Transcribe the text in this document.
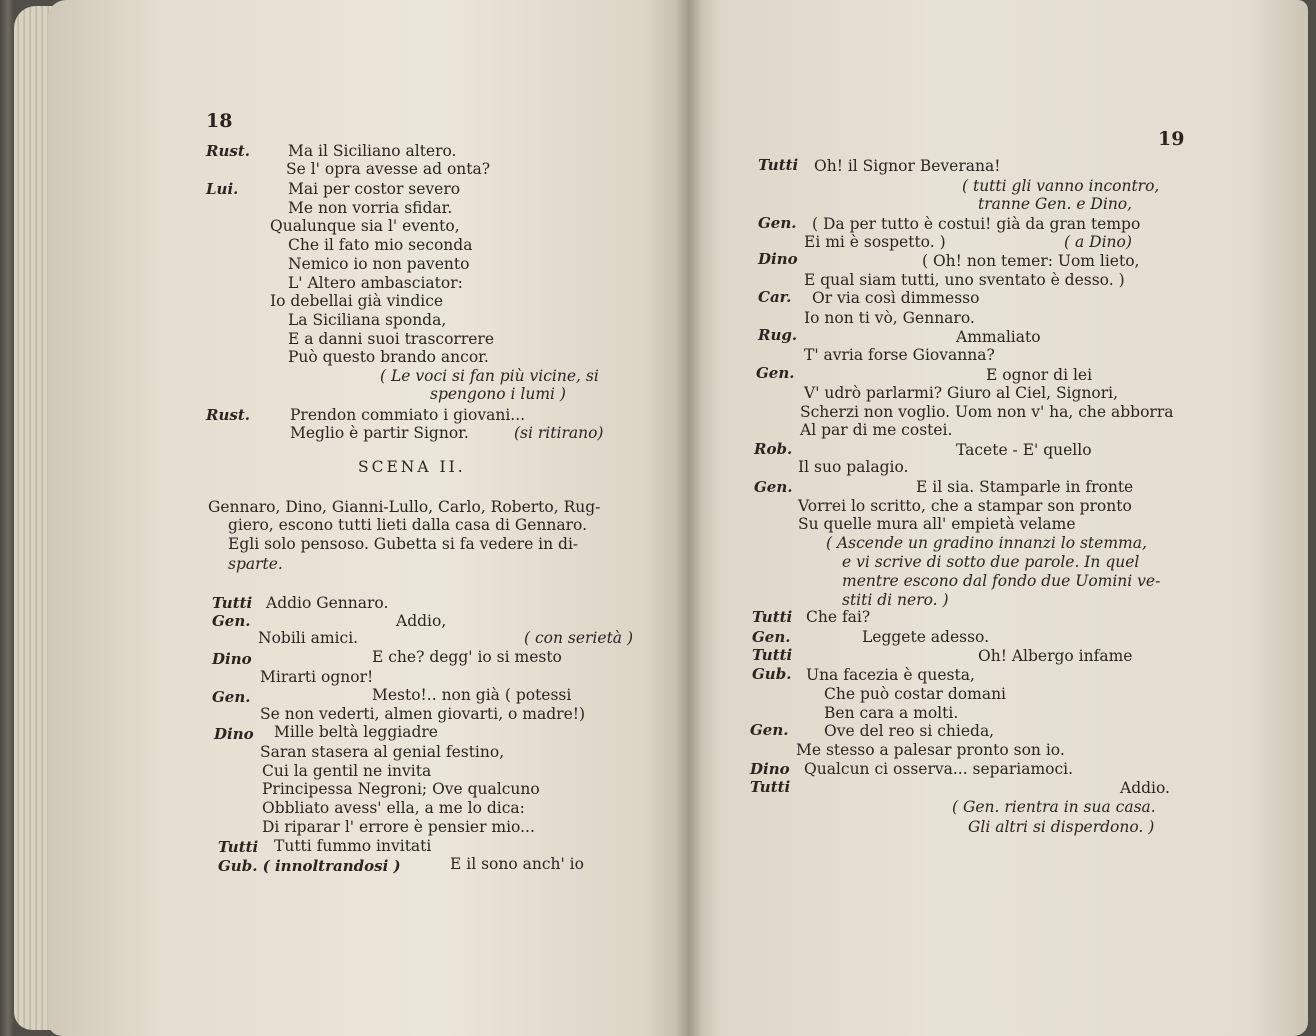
18
19
SCENA II.
Rust. Ma il Siciliano altero.
Se l' opra avesse ad onta?
Lui.	Mai per costor severo
Me non vorria sfidar.
Qualunque sia l' evento,
Che il fato mio seconda
Nemico io non pavento
L' Altero ambasciator:
Io debellai già vindice
La Siciliana sponda,
E a danni suoi trascorrere
Può questo brando ancor.
( Le voci si fan più vicine, si
spengono i lumi )
Rust.	Prendon commiato i giovani...
Meglio è partir Signor.	(si ritirano)
Gennaro, Dino, Gianni-Lullo, Carlo, Roberto, Rug-
giero, escono tutti lieti dalla casa di Gennaro.
Egli solo pensoso. Gubetta si fa vedere in di-
sparte.
Tutti Addio Gennaro.
Gen.	Addio,
Nobili amici.	( con serietà )
Dino	E che? degg' io si mesto
Mirarti ognor!
Gen.	Mesto!.. non già ( potessi
Se non vederti, almen giovarti, o madre!)
Dino Mille beltà leggiadre
Saran stasera al genial festino,
Cui la gentil ne invita
Principessa Negroni; Ove qualcuno
Obbliato avess' ella, a me lo dica:
Di riparar l' errore è pensier mio...
Tutti Tutti fummo invitati
Gub. ( innoltrandosi )	E il sono anch' io
Tutti Oh! il Signor Beverana!
( tutti gli vanno incontro,
tranne Gen. e Dino,
Gen. ( Da per tutto è costui! già da gran tempo
Ei mi è sospetto. )	( a Dino)
Dino	( Oh! non temer: Uom lieto,
E qual siam tutti, uno sventato è desso. )
Car. Or via così dimmesso
Io non ti vò, Gennaro.
Rug.	Ammaliato
T' avria forse Giovanna?
Gen.	E ognor di lei
V' udrò parlarmi? Giuro al Ciel, Signori,
Scherzi non voglio. Uom non v' ha, che abborra
Al par di me costei.
Rob.	Tacete - E' quello
Il suo palagio.
Gen.	E il sia. Stamparle in fronte
Vorrei lo scritto, che a stampar son pronto
Su quelle mura all' empietà velame
( Ascende un gradino innanzi lo stemma,
e vi scrive di sotto due parole. In quel
mentre escono dal fondo due Uomini ve-
stiti di nero. )
Tutti Che fai?
Gen.	Leggete adesso.
Tutti	Oh! Albergo infame
Gub. Una facezia è questa,
Che può costar domani
Ben cara a molti.
Gen. Ove del reo si chieda,
Me stesso a palesar pronto son io.
Dino Qualcun ci osserva... separiamoci.
Tutti	Addio.
( Gen. rientra in sua casa.
Gli altri si disperdono. )
